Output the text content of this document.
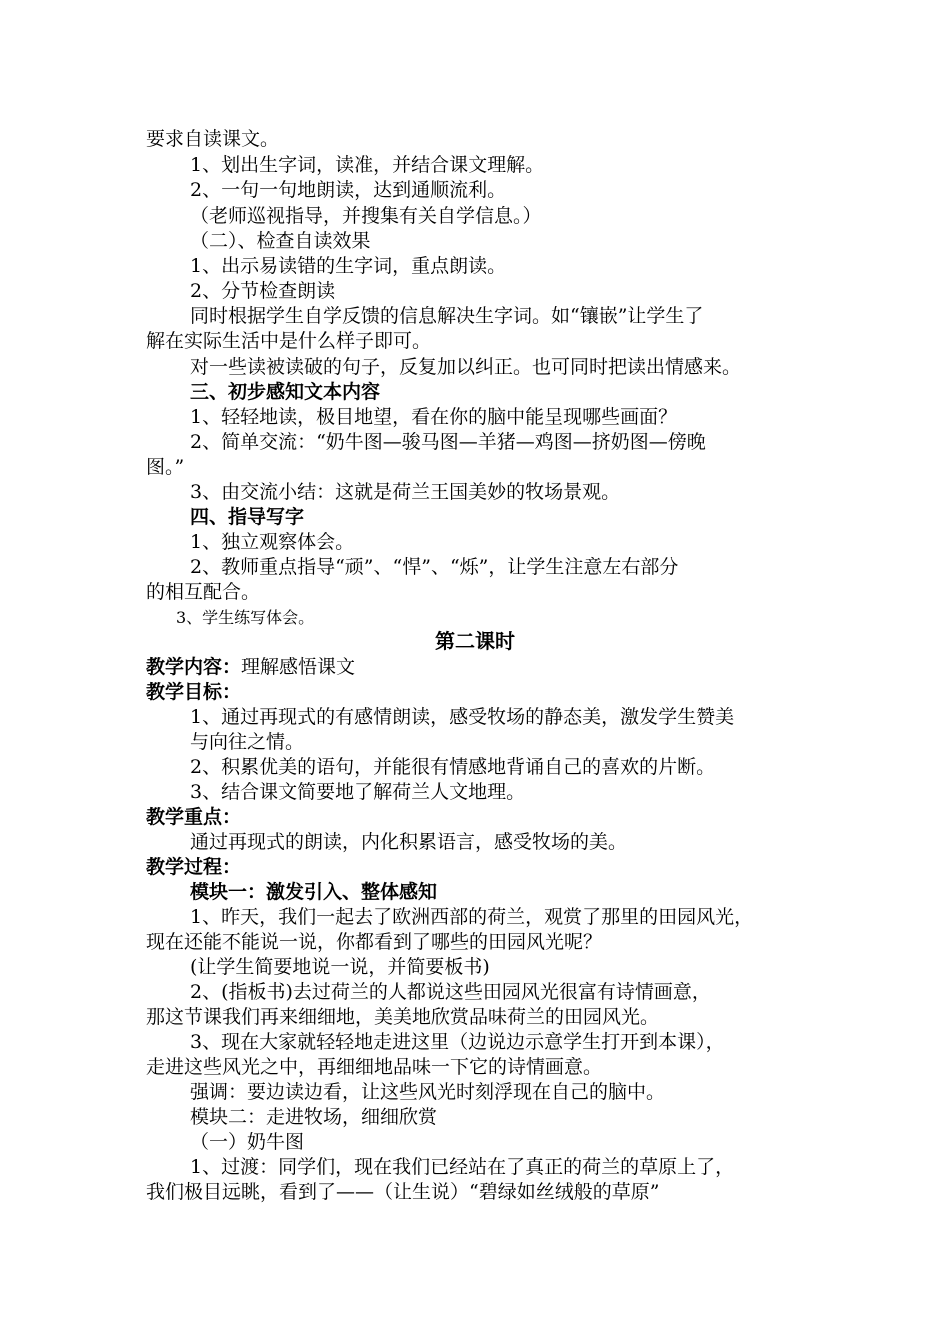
要求自读课文。
1、划出生字词，读准，并结合课文理解。
2、一句一句地朗读，达到通顺流利。
（老师巡视指导，并搜集有关自学信息。）
（二）、检查自读效果
1、出示易读错的生字词，重点朗读。
2、分节检查朗读
同时根据学生自学反馈的信息解决生字词。如“镶嵌”让学生了
解在实际生活中是什么样子即可。
对一些读被读破的句子，反复加以纠正。也可同时把读出情感来。
三、初步感知文本内容
1、轻轻地读，极目地望，看在你的脑中能呈现哪些画面？
2、简单交流：“奶牛图—骏马图—羊猪—鸡图—挤奶图—傍晚
图。”
3、由交流小结：这就是荷兰王国美妙的牧场景观。
四、指导写字
1、独立观察体会。
2、教师重点指导“顽”、“悍”、“烁”，让学生注意左右部分
的相互配合。
3、学生练写体会。
第二课时
教学内容：理解感悟课文
教学目标：
1、通过再现式的有感情朗读，感受牧场的静态美，激发学生赞美
与向往之情。
2、积累优美的语句，并能很有情感地背诵自己的喜欢的片断。
3、结合课文简要地了解荷兰人文地理。
教学重点：
通过再现式的朗读，内化积累语言，感受牧场的美。
教学过程：
模块一：激发引入、整体感知
1、昨天，我们一起去了欧洲西部的荷兰，观赏了那里的田园风光，
现在还能不能说一说，你都看到了哪些的田园风光呢？
(让学生简要地说一说，并简要板书)
2、(指板书)去过荷兰的人都说这些田园风光很富有诗情画意，
那这节课我们再来细细地，美美地欣赏品味荷兰的田园风光。
3、现在大家就轻轻地走进这里（边说边示意学生打开到本课），
走进这些风光之中，再细细地品味一下它的诗情画意。
强调：要边读边看，让这些风光时刻浮现在自己的脑中。
模块二：走进牧场，细细欣赏
（一）奶牛图
1、过渡：同学们，现在我们已经站在了真正的荷兰的草原上了，
我们极目远眺，看到了——（让生说）“碧绿如丝绒般的草原”
